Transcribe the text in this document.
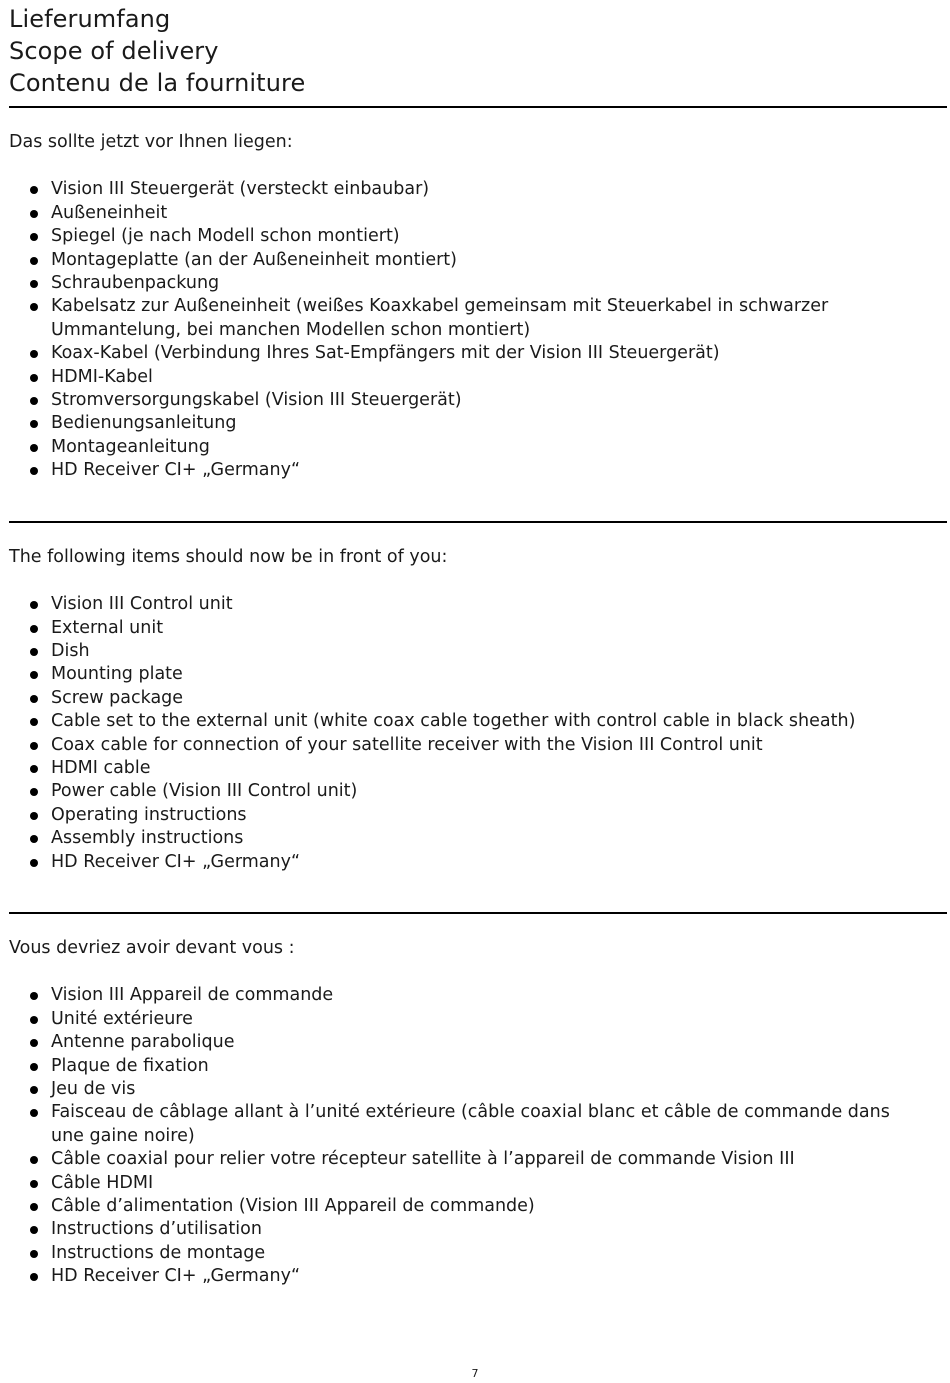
Lieferumfang
Scope of delivery
Contenu de la fourniture
Das sollte jetzt vor Ihnen liegen:
Vision III Steuergerät (versteckt einbaubar)
Außeneinheit
Spiegel (je nach Modell schon montiert)
Montageplatte (an der Außeneinheit montiert)
Schraubenpackung
Kabelsatz zur Außeneinheit (weißes Koaxkabel gemeinsam mit Steuerkabel in schwarzer Ummantelung, bei manchen Modellen schon montiert)
Koax-Kabel (Verbindung Ihres Sat-Empfängers mit der Vision III Steuergerät)
HDMI-Kabel
Stromversorgungskabel (Vision III Steuergerät)
Bedienungsanleitung
Montageanleitung
HD Receiver CI+ „Germany“
The following items should now be in front of you:
Vision III Control unit
External unit
Dish
Mounting plate
Screw package
Cable set to the external unit (white coax cable together with control cable in black sheath)
Coax cable for connection of your satellite receiver with the Vision III Control unit
HDMI cable
Power cable (Vision III Control unit)
Operating instructions
Assembly instructions
HD Receiver CI+ „Germany“
Vous devriez avoir devant vous :
Vision III Appareil de commande
Unité extérieure
Antenne parabolique
Plaque de fixation
Jeu de vis
Faisceau de câblage allant à l’unité extérieure (câble coaxial blanc et câble de commande dans une gaine noire)
Câble coaxial pour relier votre récepteur satellite à l’appareil de commande Vision III
Câble HDMI
Câble d’alimentation (Vision III Appareil de commande)
Instructions d’utilisation
Instructions de montage
HD Receiver CI+ „Germany“
7
